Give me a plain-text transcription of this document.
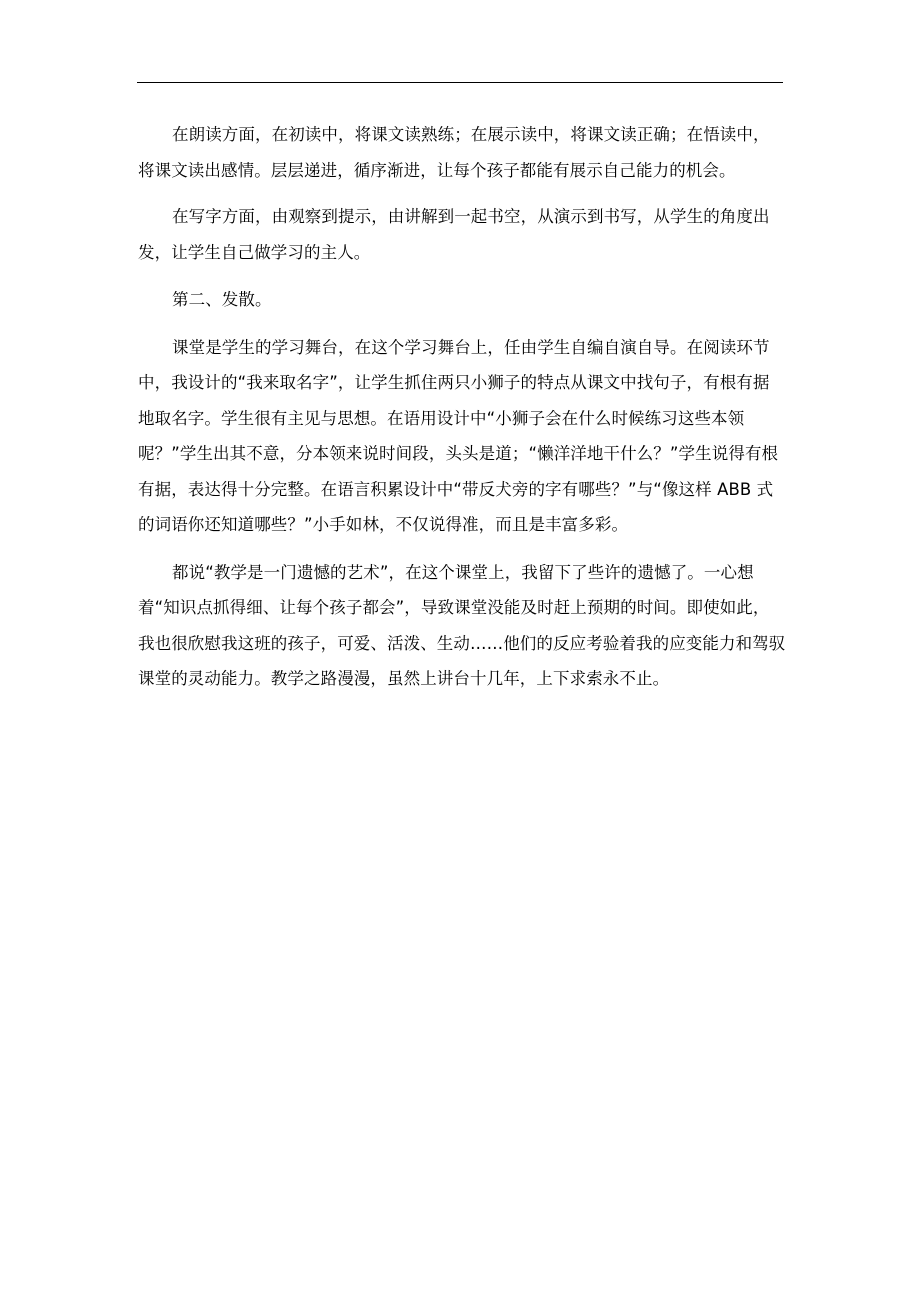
在朗读方面，在初读中，将课文读熟练；在展示读中，将课文读正确；在悟读中，将课文读出感情。层层递进，循序渐进，让每个孩子都能有展示自己能力的机会。

在写字方面，由观察到提示，由讲解到一起书空，从演示到书写，从学生的角度出发，让学生自己做学习的主人。

第二、发散。

课堂是学生的学习舞台，在这个学习舞台上，任由学生自编自演自导。在阅读环节中，我设计的“我来取名字”，让学生抓住两只小狮子的特点从课文中找句子，有根有据地取名字。学生很有主见与思想。在语用设计中“小狮子会在什么时候练习这些本领呢？”学生出其不意，分本领来说时间段，头头是道；“懒洋洋地干什么？”学生说得有根有据，表达得十分完整。在语言积累设计中“带反犬旁的字有哪些？”与“像这样 ABB 式的词语你还知道哪些？”小手如林，不仅说得准，而且是丰富多彩。

都说“教学是一门遗憾的艺术”，在这个课堂上，我留下了些许的遗憾了。一心想着“知识点抓得细、让每个孩子都会”，导致课堂没能及时赶上预期的时间。即使如此，我也很欣慰我这班的孩子，可爱、活泼、生动……他们的反应考验着我的应变能力和驾驭课堂的灵动能力。教学之路漫漫，虽然上讲台十几年，上下求索永不止。
